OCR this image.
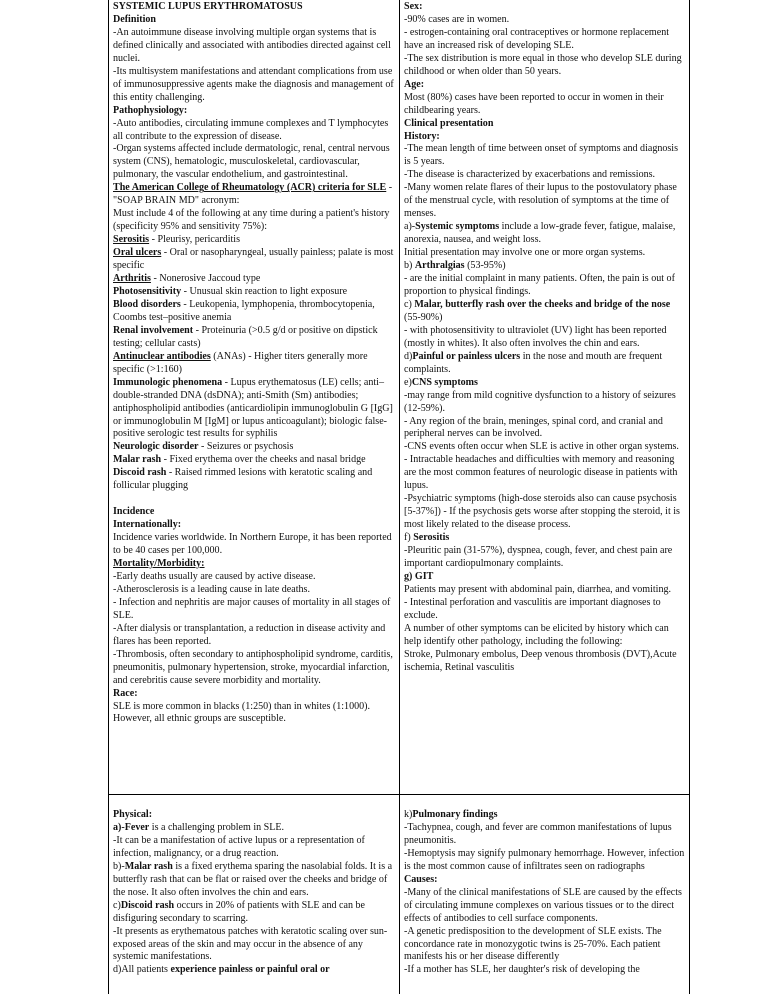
SYSTEMIC LUPUS ERYTHROMATOSUS

Definition

-An autoimmune disease involving multiple organ systems that is defined clinically and associated with antibodies directed against cell nuclei.

-Its multisystem manifestations and attendant complications from use of immunosuppressive agents make the diagnosis and management of this entity challenging.

Pathophysiology:

-Auto antibodies, circulating immune complexes and T lymphocytes all contribute to the expression of disease.

-Organ systems affected include dermatologic, renal, central nervous system (CNS), hematologic, musculoskeletal, cardiovascular, pulmonary, the vascular endothelium, and gastrointestinal.

The American College of Rheumatology (ACR) criteria for SLE - "SOAP BRAIN MD" acronym:

Must include 4 of the following at any time during a patient's history (specificity 95% and sensitivity 75%):

Serositis - Pleurisy, pericarditis

Oral ulcers - Oral or nasopharyngeal, usually painless; palate is most specific

Arthritis - Nonerosive Jaccoud type

Photosensitivity - Unusual skin reaction to light exposure

Blood disorders - Leukopenia, lymphopenia, thrombocytopenia, Coombs test–positive anemia

Renal involvement - Proteinuria (>0.5 g/d or positive on dipstick testing; cellular casts)

Antinuclear antibodies (ANAs) - Higher titers generally more specific (>1:160)

Immunologic phenomena - Lupus erythematosus (LE) cells; anti–double-stranded DNA (dsDNA); anti-Smith (Sm) antibodies; antiphospholipid antibodies (anticardiolipin immunoglobulin G [IgG] or immunoglobulin M [IgM] or lupus anticoagulant); biologic false-positive serologic test results for syphilis

Neurologic disorder - Seizures or psychosis

Malar rash - Fixed erythema over the cheeks and nasal bridge

Discoid rash - Raised rimmed lesions with keratotic scaling and follicular plugging

Incidence

Internationally:

Incidence varies worldwide. In Northern Europe, it has been reported to be 40 cases per 100,000.

Mortality/Morbidity:

-Early deaths usually are caused by active disease.

-Atherosclerosis is a leading cause in late deaths.

- Infection and nephritis are major causes of mortality in all stages of SLE.

-After dialysis or transplantation, a reduction in disease activity and flares has been reported.

-Thrombosis, often secondary to antiphospholipid syndrome, carditis, pneumonitis, pulmonary hypertension, stroke, myocardial infarction, and cerebritis cause severe morbidity and mortality.

Race:

SLE is more common in blacks (1:250) than in whites (1:1000). However, all ethnic groups are susceptible.

Sex:

-90% cases are in women.

- estrogen-containing oral contraceptives or hormone replacement have an increased risk of developing SLE.

-The sex distribution is more equal in those who develop SLE during childhood or when older than 50 years.

Age:

Most (80%) cases have been reported to occur in women in their childbearing years.

Clinical presentation

History:

-The mean length of time between onset of symptoms and diagnosis is 5 years.

-The disease is characterized by exacerbations and remissions.

-Many women relate flares of their lupus to the postovulatory phase of the menstrual cycle, with resolution of symptoms at the time of menses.

a)-Systemic symptoms include a low-grade fever, fatigue, malaise, anorexia, nausea, and weight loss.

Initial presentation may involve one or more organ systems.

b) Arthralgias (53-95%)

- are the initial complaint in many patients. Often, the pain is out of proportion to physical findings.

c) Malar, butterfly rash over the cheeks and bridge of the nose (55-90%)

- with photosensitivity to ultraviolet (UV) light has been reported (mostly in whites). It also often involves the chin and ears.

d)Painful or painless ulcers in the nose and mouth are frequent complaints.

e)CNS symptoms

-may range from mild cognitive dysfunction to a history of seizures (12-59%).

- Any region of the brain, meninges, spinal cord, and cranial and peripheral nerves can be involved.

-CNS events often occur when SLE is active in other organ systems.

- Intractable headaches and difficulties with memory and reasoning are the most common features of neurologic disease in patients with lupus.

-Psychiatric symptoms (high-dose steroids also can cause psychosis [5-37%]) - If the psychosis gets worse after stopping the steroid, it is most likely related to the disease process.

f) Serositis

-Pleuritic pain (31-57%), dyspnea, cough, fever, and chest pain are important cardiopulmonary complaints.

g) GIT

Patients may present with abdominal pain, diarrhea, and vomiting.

- Intestinal perforation and vasculitis are important diagnoses to exclude.

A number of other symptoms can be elicited by history which can help identify other pathology, including the following:

Stroke, Pulmonary embolus, Deep venous thrombosis (DVT),Acute ischemia, Retinal vasculitis

Physical:

a)-Fever is a challenging problem in SLE.

-It can be a manifestation of active lupus or a representation of infection, malignancy, or a drug reaction.

b)-Malar rash is a fixed erythema sparing the nasolabial folds. It is a butterfly rash that can be flat or raised over the cheeks and bridge of the nose. It also often involves the chin and ears.

c)Discoid rash occurs in 20% of patients with SLE and can be disfiguring secondary to scarring.

-It presents as erythematous patches with keratotic scaling over sun-exposed areas of the skin and may occur in the absence of any systemic manifestations.

d)All patients experience painless or painful oral or

k)Pulmonary findings

-Tachypnea, cough, and fever are common manifestations of lupus pneumonitis.

-Hemoptysis may signify pulmonary hemorrhage. However, infection is the most common cause of infiltrates seen on radiographs

Causes:

-Many of the clinical manifestations of SLE are caused by the effects of circulating immune complexes on various tissues or to the direct effects of antibodies to cell surface components.

-A genetic predisposition to the development of SLE exists. The concordance rate in monozygotic twins is 25-70%. Each patient manifests his or her disease differently

-If a mother has SLE, her daughter's risk of developing the
